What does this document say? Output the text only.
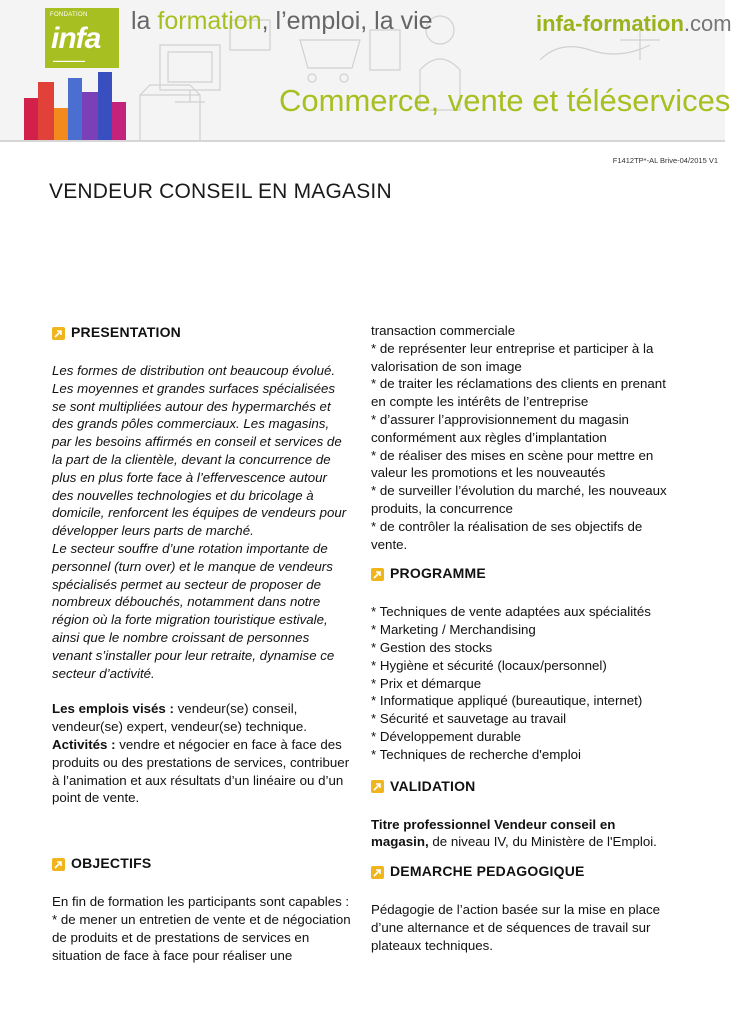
FONDATION
infa
▬▬▬▬▬▬▬▬
la formation, l’emploi, la vie	infa-formation.com
Commerce, vente et téléservices
F1412TP*-AL Brive-04/2015 V1
VENDEUR CONSEIL EN MAGASIN
PRESENTATION

Les formes de distribution ont beaucoup évolué. Les moyennes et grandes surfaces spécialisées se sont multipliées autour des hypermarchés et des grands pôles commerciaux. Les magasins, par les besoins affirmés en conseil et services de la part de la clientèle, devant la concurrence de plus en plus forte face à l’effervescence autour des nouvelles technologies et du bricolage à domicile, renforcent les équipes de vendeurs pour développer leurs parts de marché.

Le secteur souffre d’une rotation importante de personnel (turn over) et le manque de vendeurs spécialisés permet au secteur de proposer de nombreux débouchés, notamment dans notre région où la forte migration touristique estivale, ainsi que le nombre croissant de personnes venant s’installer pour leur retraite, dynamise ce secteur d’activité.

Les emplois visés : vendeur(se) conseil, vendeur(se) expert, vendeur(se) technique.

Activités : vendre et négocier en face à face des produits ou des prestations de services, contribuer à l’animation et aux résultats d’un linéaire ou d’un point de vente.

OBJECTIFS

En fin de formation les participants sont capables :

* de mener un entretien de vente et de négociation de produits et de prestations de services en situation de face à face pour réaliser une

transaction commerciale

* de représenter leur entreprise et participer à la valorisation de son image

* de traiter les réclamations des clients en prenant en compte les intérêts de l’entreprise

* d’assurer l’approvisionnement du magasin conformément aux règles d’implantation

* de réaliser des mises en scène pour mettre en valeur les promotions et les nouveautés

* de surveiller l’évolution du marché, les nouveaux produits, la concurrence

* de contrôler la réalisation de ses objectifs de vente.

PROGRAMME

* Techniques de vente adaptées aux spécialités

* Marketing / Merchandising

* Gestion des stocks

* Hygiène et sécurité (locaux/personnel)

* Prix et démarque

* Informatique appliqué (bureautique, internet)

* Sécurité et sauvetage au travail

* Développement durable

* Techniques de recherche d'emploi

VALIDATION

Titre professionnel Vendeur conseil en magasin, de niveau IV, du Ministère de l'Emploi.

DEMARCHE PEDAGOGIQUE

Pédagogie de l’action basée sur la mise en place d’une alternance et de séquences de travail sur plateaux techniques.
